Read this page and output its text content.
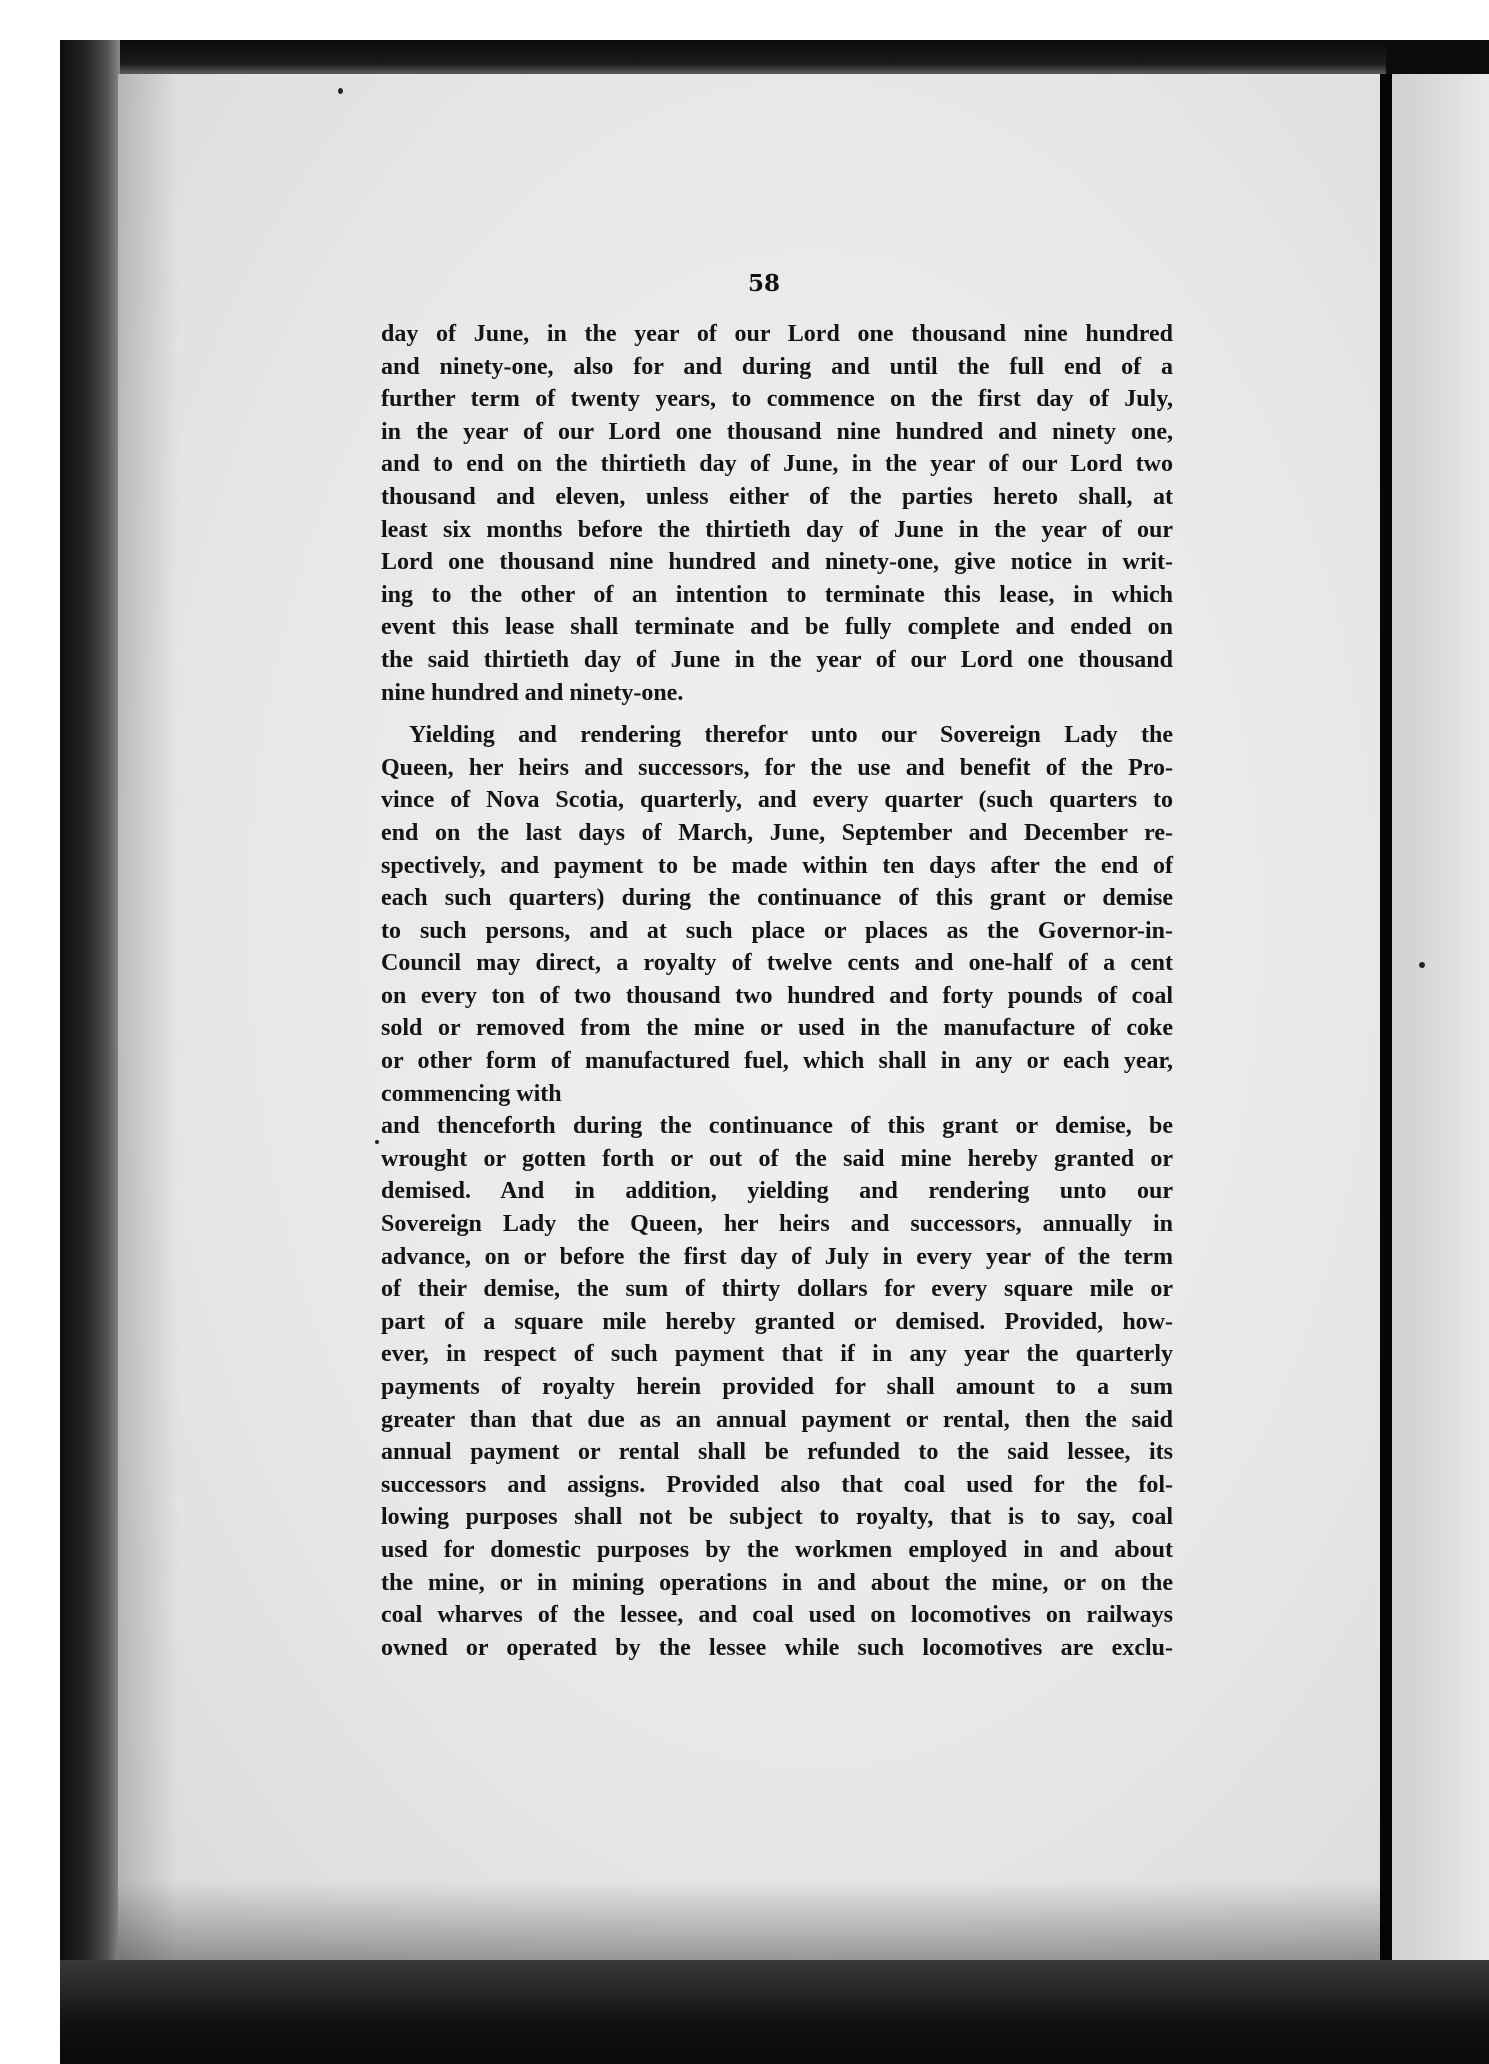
58
day of June, in the year of our Lord one thousand nine hundred
and ninety-one, also for and during and until the full end of a
further term of twenty years, to commence on the first day of July,
in the year of our Lord one thousand nine hundred and ninety one,
and to end on the thirtieth day of June, in the year of our Lord two
thousand and eleven, unless either of the parties hereto shall, at
least six months before the thirtieth day of June in the year of our
Lord one thousand nine hundred and ninety-one, give notice in writ-
ing to the other of an intention to terminate this lease, in which
event this lease shall terminate and be fully complete and ended on
the said thirtieth day of June in the year of our Lord one thousand
nine hundred and ninety-one.
Yielding and rendering therefor unto our Sovereign Lady the
Queen, her heirs and successors, for the use and benefit of the Pro-
vince of Nova Scotia, quarterly, and every quarter (such quarters to
end on the last days of March, June, September and December re-
spectively, and payment to be made within ten days after the end of
each such quarters) during the continuance of this grant or demise
to such persons, and at such place or places as the Governor-in-
Council may direct, a royalty of twelve cents and one-half of a cent
on every ton of two thousand two hundred and forty pounds of coal
sold or removed from the mine or used in the manufacture of coke
or other form of manufactured fuel, which shall in any or each year,
commencing with
and thenceforth during the continuance of this grant or demise, be
wrought or gotten forth or out of the said mine hereby granted or
demised. And in addition, yielding and rendering unto our
Sovereign Lady the Queen, her heirs and successors, annually in
advance, on or before the first day of July in every year of the term
of their demise, the sum of thirty dollars for every square mile or
part of a square mile hereby granted or demised. Provided, how-
ever, in respect of such payment that if in any year the quarterly
payments of royalty herein provided for shall amount to a sum
greater than that due as an annual payment or rental, then the said
annual payment or rental shall be refunded to the said lessee, its
successors and assigns. Provided also that coal used for the fol-
lowing purposes shall not be subject to royalty, that is to say, coal
used for domestic purposes by the workmen employed in and about
the mine, or in mining operations in and about the mine, or on the
coal wharves of the lessee, and coal used on locomotives on railways
owned or operated by the lessee while such locomotives are exclu-
